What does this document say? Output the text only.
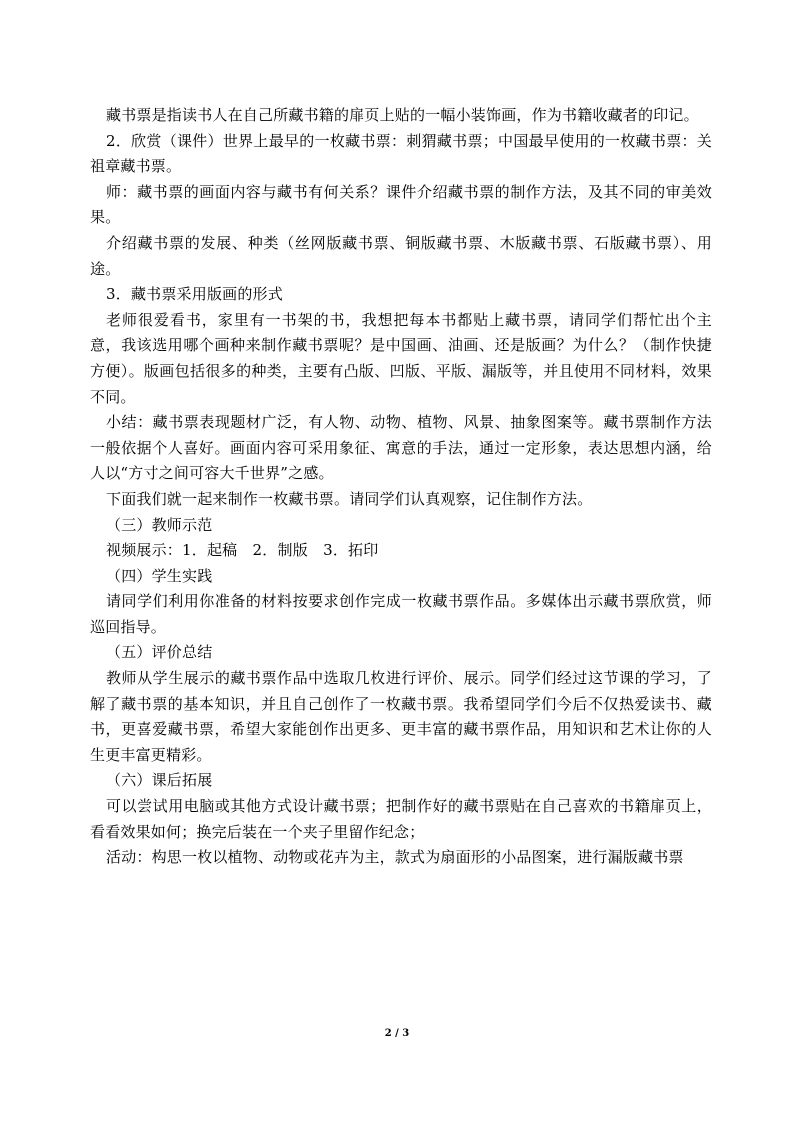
藏书票是指读书人在自己所藏书籍的扉页上贴的一幅小装饰画，作为书籍收藏者的印记。

2．欣赏（课件）世界上最早的一枚藏书票：刺猬藏书票；中国最早使用的一枚藏书票：关祖章藏书票。

师：藏书票的画面内容与藏书有何关系？课件介绍藏书票的制作方法，及其不同的审美效果。

介绍藏书票的发展、种类（丝网版藏书票、铜版藏书票、木版藏书票、石版藏书票）、用途。

3．藏书票采用版画的形式

老师很爱看书，家里有一书架的书，我想把每本书都贴上藏书票，请同学们帮忙出个主意，我该选用哪个画种来制作藏书票呢？是中国画、油画、还是版画？为什么？（制作快捷方便）。版画包括很多的种类，主要有凸版、凹版、平版、漏版等，并且使用不同材料，效果不同。

小结：藏书票表现题材广泛，有人物、动物、植物、风景、抽象图案等。藏书票制作方法一般依据个人喜好。画面内容可采用象征、寓意的手法，通过一定形象，表达思想内涵，给人以“方寸之间可容大千世界”之感。

下面我们就一起来制作一枚藏书票。请同学们认真观察，记住制作方法。

（三）教师示范

视频展示：1．起稿　2．制版　3．拓印

（四）学生实践

请同学们利用你准备的材料按要求创作完成一枚藏书票作品。多媒体出示藏书票欣赏，师巡回指导。

（五）评价总结

教师从学生展示的藏书票作品中选取几枚进行评价、展示。同学们经过这节课的学习，了解了藏书票的基本知识，并且自己创作了一枚藏书票。我希望同学们今后不仅热爱读书、藏书，更喜爱藏书票，希望大家能创作出更多、更丰富的藏书票作品，用知识和艺术让你的人生更丰富更精彩。

（六）课后拓展

可以尝试用电脑或其他方式设计藏书票；把制作好的藏书票贴在自己喜欢的书籍扉页上，看看效果如何；换完后装在一个夹子里留作纪念；

活动：构思一枚以植物、动物或花卉为主，款式为扇面形的小品图案，进行漏版藏书票

2 / 3
